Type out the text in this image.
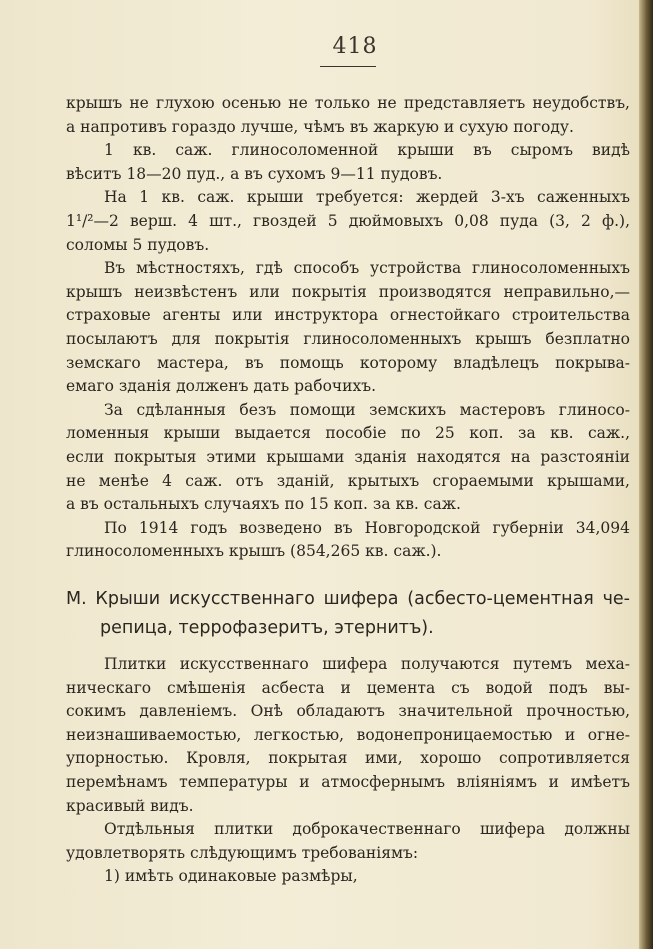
418
крышъ не глухою осенью не только не представляетъ неудобствъ,
а напротивъ гораздо лучше, чѣмъ въ жаркую и сухую погоду.
1 кв. саж. глиносоломенной крыши въ сыромъ видѣ
вѣситъ 18—20 пуд., а въ сухомъ 9—11 пудовъ.
На 1 кв. саж. крыши требуется: жердей 3-хъ саженныхъ
1¹/²—2 верш. 4 шт., гвоздей 5 дюймовыхъ 0,08 пуда (3, 2 ф.),
соломы 5 пудовъ.
Въ мѣстностяхъ, гдѣ способъ устройства глиносоломенныхъ
крышъ неизвѣстенъ или покрытія производятся неправильно,—
страховые агенты или инструктора огнестойкаго строительства
посылаютъ для покрытія глиносоломенныхъ крышъ безплатно
земскаго мастера, въ помощь которому владѣлецъ покрыва-
емаго зданія долженъ дать рабочихъ.
За сдѣланныя безъ помощи земскихъ мастеровъ глиносо-
ломенныя крыши выдается пособіе по 25 коп. за кв. саж.,
если покрытыя этими крышами зданія находятся на разстояніи
не менѣе 4 саж. отъ зданій, крытыхъ сгораемыми крышами,
а въ остальныхъ случаяхъ по 15 коп. за кв. саж.
По 1914 годъ возведено въ Новгородской губерніи 34,094
глиносоломенныхъ крышъ (854,265 кв. саж.).
М. Крыши искусственнаго шифера (асбесто-цементная че-
репица, террофазеритъ, этернитъ).
Плитки искусственнаго шифера получаются путемъ меха-
ническаго смѣшенія асбеста и цемента съ водой подъ вы-
сокимъ давленіемъ. Онѣ обладаютъ значительной прочностью,
неизнашиваемостью, легкостью, водонепроницаемостью и огне-
упорностью. Кровля, покрытая ими, хорошо сопротивляется
перемѣнамъ температуры и атмосфернымъ вліяніямъ и имѣетъ
красивый видъ.
Отдѣльныя плитки доброкачественнаго шифера должны
удовлетворять слѣдующимъ требованіямъ:
1) имѣть одинаковые размѣры,
